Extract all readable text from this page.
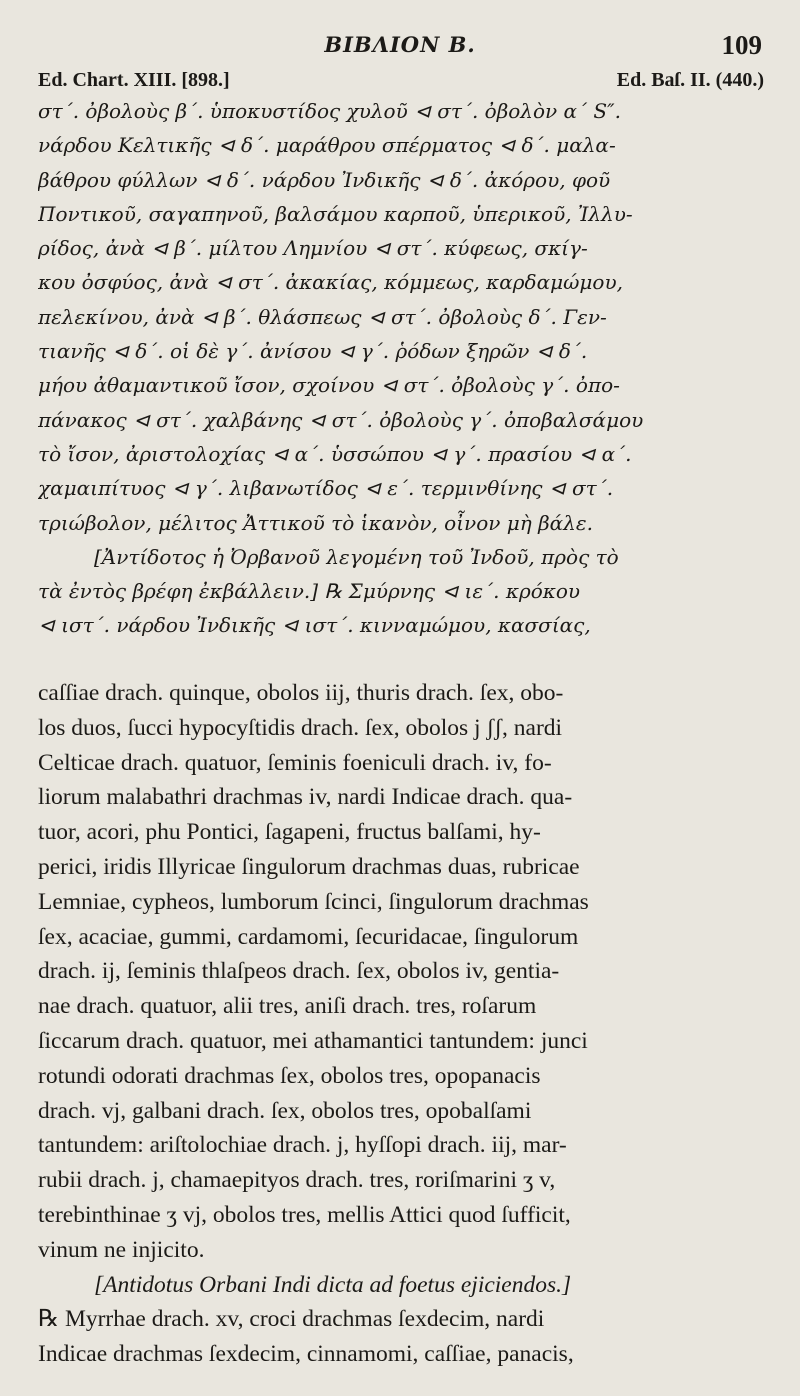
ΒΙΒΛΙΟΝ Β.	109
Ed. Chart. XIII. [898.]	Ed. Baſ. II. (440.)
στ΄. ὀβολοὺς β΄. ὑποκυστίδος χυλοῦ ⊲ στ΄. ὀβολὸν α΄ S″.
νάρδου Κελτικῆς ⊲ δ΄. μαράθρου σπέρματος ⊲ δ΄. μαλα-
βάθρου φύλλων ⊲ δ΄. νάρδου Ἰνδικῆς ⊲ δ΄. ἀκόρου, φοῦ
Ποντικοῦ, σαγαπηνοῦ, βαλσάμου καρποῦ, ὑπερικοῦ, Ἰλλυ-
ρίδος, ἀνὰ ⊲ β΄. μίλτου Λημνίου ⊲ στ΄. κύφεως, σκίγ-
κου ὀσφύος, ἀνὰ ⊲ στ΄. ἀκακίας, κόμμεως, καρδαμώμου,
πελεκίνου, ἀνὰ ⊲ β΄. θλάσπεως ⊲ στ΄. ὀβολοὺς δ΄. Γεν-
τιανῆς ⊲ δ΄. οἱ δὲ γ΄. ἀνίσου ⊲ γ΄. ῥόδων ξηρῶν ⊲ δ΄.
μήου ἀθαμαντικοῦ ἴσον, σχοίνου ⊲ στ΄. ὀβολοὺς γ΄. ὀπο-
πάνακος ⊲ στ΄. χαλβάνης ⊲ στ΄. ὀβολοὺς γ΄. ὀποβαλσάμου
τὸ ἴσον, ἀριστολοχίας ⊲ α΄. ὑσσώπου ⊲ γ΄. πρασίου ⊲ α΄.
χαμαιπίτυος ⊲ γ΄. λιβανωτίδος ⊲ ε΄. τερμινθίνης ⊲ στ΄.
τριώβολον, μέλιτος Ἀττικοῦ τὸ ἱκανὸν, οἶνον μὴ βάλε.
[Ἀντίδοτος ἡ Ὀρβανοῦ λεγομένη τοῦ Ἰνδοῦ, πρὸς τὸ
τὰ ἐντὸς βρέφη ἐκβάλλειν.] ℞ Σμύρνης ⊲ ιε΄. κρόκου
⊲ ιστ΄. νάρδου Ἰνδικῆς ⊲ ιστ΄. κινναμώμου, κασσίας,
caſſiae drach. quinque, obolos iij, thuris drach. ſex, obo-
los duos, ſucci hypocyſtidis drach. ſex, obolos j ʃʃ, nardi
Celticae drach. quatuor, ſeminis foeniculi drach. iv, fo-
liorum malabathri drachmas iv, nardi Indicae drach. qua-
tuor, acori, phu Pontici, ſagapeni, fructus balſami, hy-
perici, iridis Illyricae ſingulorum drachmas duas, rubricae
Lemniae, cypheos, lumborum ſcinci, ſingulorum drachmas
ſex, acaciae, gummi, cardamomi, ſecuridacae, ſingulorum
drach. ij, ſeminis thlaſpeos drach. ſex, obolos iv, gentia-
nae drach. quatuor, alii tres, aniſi drach. tres, roſarum
ſiccarum drach. quatuor, mei athamantici tantundem: junci
rotundi odorati drachmas ſex, obolos tres, opopanacis
drach. vj, galbani drach. ſex, obolos tres, opobalſami
tantundem: ariſtolochiae drach. j, hyſſopi drach. iij, mar-
rubii drach. j, chamaepityos drach. tres, roriſmarini ʒ v,
terebinthinae ʒ vj, obolos tres, mellis Attici quod ſufficit,
vinum ne injicito.
[Antidotus Orbani Indi dicta ad foetus ejiciendos.]
℞ Myrrhae drach. xv, croci drachmas ſexdecim, nardi
Indicae drachmas ſexdecim, cinnamomi, caſſiae, panacis,
